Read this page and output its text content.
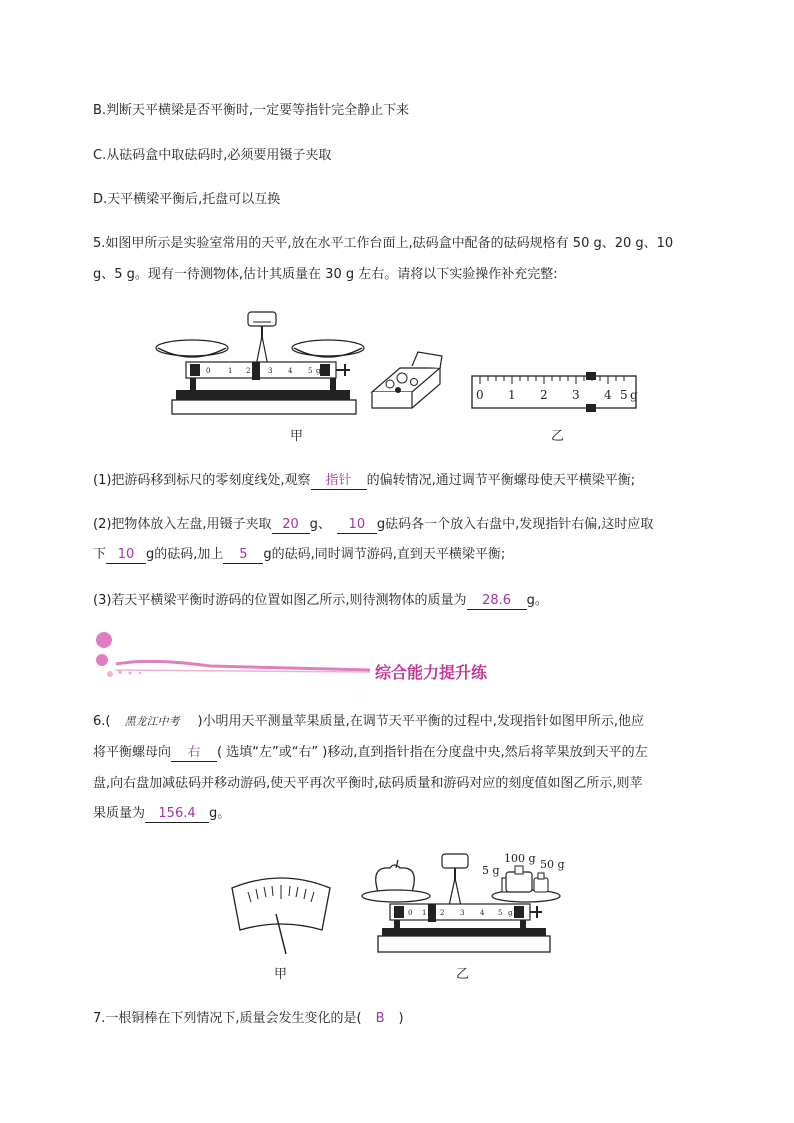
B.判断天平横梁是否平衡时,一定要等指针完全静止下来
C.从砝码盒中取砝码时,必须要用镊子夹取
D.天平横梁平衡后,托盘可以互换
5.如图甲所示是实验室常用的天平,放在水平工作台面上,砝码盒中配备的砝码规格有 50 g、20 g、10
g、5 g。现有一待测物体,估计其质量在 30 g 左右。请将以下实验操作补充完整:
0	1 2	3 4 5 g
甲
0 1 2 3 4 5 g
乙
(1)把游码移到标尺的零刻度线处,观察 指针 的偏转情况,通过调节平衡螺母使天平横梁平衡;
(2)把物体放入左盘,用镊子夹取 20 g、 10 g砝码各一个放入右盘中,发现指针右偏,这时应取
下 10 g的砝码,加上 5 g的砝码,同时调节游码,直到天平横梁平衡;
(3)若天平横梁平衡时游码的位置如图乙所示,则待测物体的质量为 28.6 g。
综合能力提升练
6.( 黑龙江中考 )小明用天平测量苹果质量,在调节天平平衡的过程中,发现指针如图甲所示,他应
将平衡螺母向 右 ( 选填“左”或“右” )移动,直到指针指在分度盘中央,然后将苹果放到天平的左
盘,向右盘加减砝码并移动游码,使天平再次平衡时,砝码质量和游码对应的刻度值如图乙所示,则苹
果质量为 156.4 g。
甲
100 g
5 g	50 g
0 1 2 3 4 5 g
乙
7.一根铜棒在下列情况下,质量会发生变化的是( B )
